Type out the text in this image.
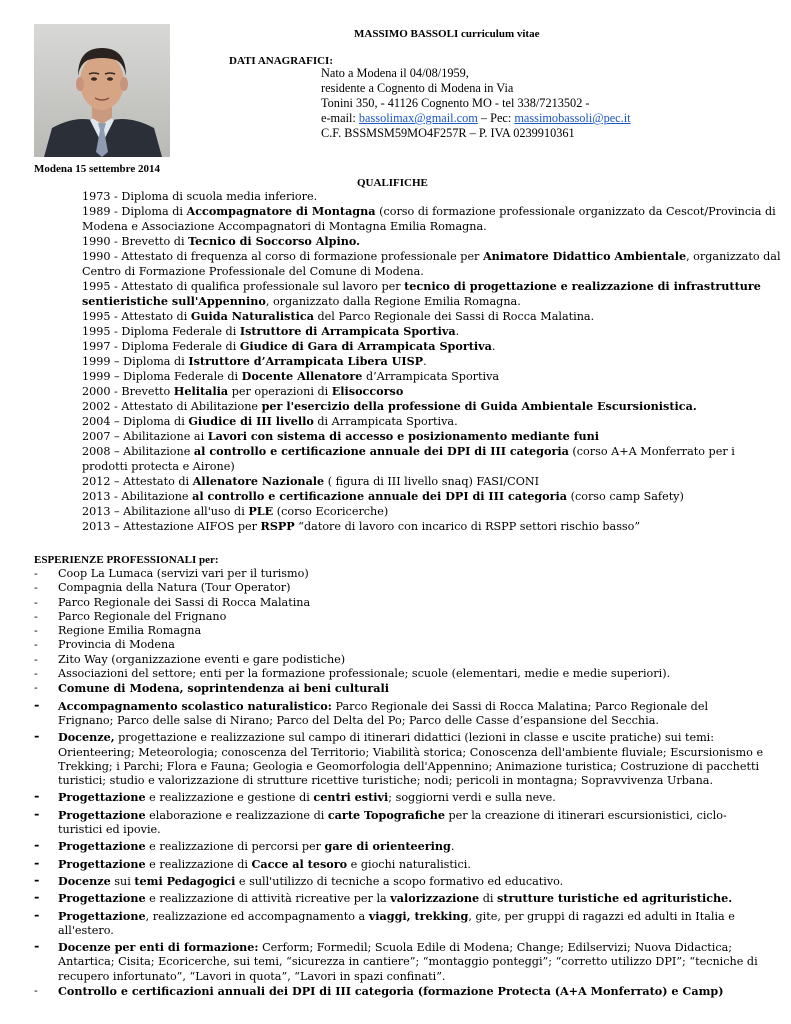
MASSIMO BASSOLI curriculum vitae
DATI ANAGRAFICI:
Nato a Modena il 04/08/1959,
residente a Cognento di Modena in Via
Tonini 350, - 41126 Cognento MO - tel 338/7213502 -
e-mail: bassolimax@gmail.com – Pec: massimobassoli@pec.it
C.F. BSSMSM59MO4F257R – P. IVA 0239910361
Modena 15 settembre 2014
QUALIFICHE
1973 - Diploma di scuola media inferiore.
1989 - Diploma di Accompagnatore di Montagna (corso di formazione professionale organizzato da Cescot/Provincia di Modena e Associazione Accompagnatori di Montagna Emilia Romagna.
1990 - Brevetto di Tecnico di Soccorso Alpino.
1990 - Attestato di frequenza al corso di formazione professionale per Animatore Didattico Ambientale, organizzato dal Centro di Formazione Professionale del Comune di Modena.
1995 - Attestato di qualifica professionale sul lavoro per tecnico di progettazione e realizzazione di infrastrutture sentieristiche sull'Appennino, organizzato dalla Regione Emilia Romagna.
1995 - Attestato di Guida Naturalistica del Parco Regionale dei Sassi di Rocca Malatina.
1995 - Diploma Federale di Istruttore di Arrampicata Sportiva.
1997 - Diploma Federale di Giudice di Gara di Arrampicata Sportiva.
1999 – Diploma di Istruttore d’Arrampicata Libera UISP.
1999 – Diploma Federale di Docente Allenatore d’Arrampicata Sportiva
2000 - Brevetto Helitalia per operazioni di Elisoccorso
2002 - Attestato di Abilitazione per l'esercizio della professione di Guida Ambientale Escursionistica.
2004 – Diploma di Giudice di III livello di Arrampicata Sportiva.
2007 – Abilitazione ai Lavori con sistema di accesso e posizionamento mediante funi
2008 – Abilitazione al controllo e certificazione annuale dei DPI di III categoria (corso A+A Monferrato per i prodotti protecta e Airone)
2012 – Attestato di Allenatore Nazionale ( figura di III livello snaq) FASI/CONI
2013 - Abilitazione al controllo e certificazione annuale dei DPI di III categoria (corso camp Safety)
2013 – Abilitazione all'uso di PLE (corso Ecoricerche)
2013 – Attestazione AIFOS per RSPP “datore di lavoro con incarico di RSPP settori rischio basso”
ESPERIENZE PROFESSIONALI per:
- Coop La Lumaca (servizi vari per il turismo)
- Compagnia della Natura (Tour Operator)
- Parco Regionale dei Sassi di Rocca Malatina
- Parco Regionale del Frignano
- Regione Emilia Romagna
- Provincia di Modena
- Zito Way (organizzazione eventi e gare podistiche)
- Associazioni del settore; enti per la formazione professionale; scuole (elementari, medie e medie superiori).
- Comune di Modena, soprintendenza ai beni culturali
- Accompagnamento scolastico naturalistico: Parco Regionale dei Sassi di Rocca Malatina; Parco Regionale del Frignano; Parco delle salse di Nirano; Parco del Delta del Po; Parco delle Casse d’espansione del Secchia.
- Docenze, progettazione e realizzazione sul campo di itinerari didattici (lezioni in classe e uscite pratiche) sui temi: Orienteering; Meteorologia; conoscenza del Territorio; Viabilità storica; Conoscenza dell'ambiente fluviale; Escursionismo e Trekking; i Parchi; Flora e Fauna; Geologia e Geomorfologia dell'Appennino; Animazione turistica; Costruzione di pacchetti turistici; studio e valorizzazione di strutture ricettive turistiche; nodi; pericoli in montagna; Sopravvivenza Urbana.
- Progettazione e realizzazione e gestione di centri estivi; soggiorni verdi e sulla neve.
- Progettazione elaborazione e realizzazione di carte Topografiche per la creazione di itinerari escursionistici, ciclo-turistici ed ipovie.
- Progettazione e realizzazione di percorsi per gare di orienteering.
- Progettazione e realizzazione di Cacce al tesoro e giochi naturalistici.
- Docenze sui temi Pedagogici e sull'utilizzo di tecniche a scopo formativo ed educativo.
- Progettazione e realizzazione di attività ricreative per la valorizzazione di strutture turistiche ed agrituristiche.
- Progettazione, realizzazione ed accompagnamento a viaggi, trekking, gite, per gruppi di ragazzi ed adulti in Italia e all'estero.
- Docenze per enti di formazione: Cerform; Formedil; Scuola Edile di Modena; Change; Edilservizi; Nuova Didactica; Antartica; Cisita; Ecoricerche, sui temi, “sicurezza in cantiere”; “montaggio ponteggi”; “corretto utilizzo DPI”; “tecniche di recupero infortunato”, “Lavori in quota”, “Lavori in spazi confinati”.
- Controllo e certificazioni annuali dei DPI di III categoria (formazione Protecta (A+A Monferrato) e Camp)
